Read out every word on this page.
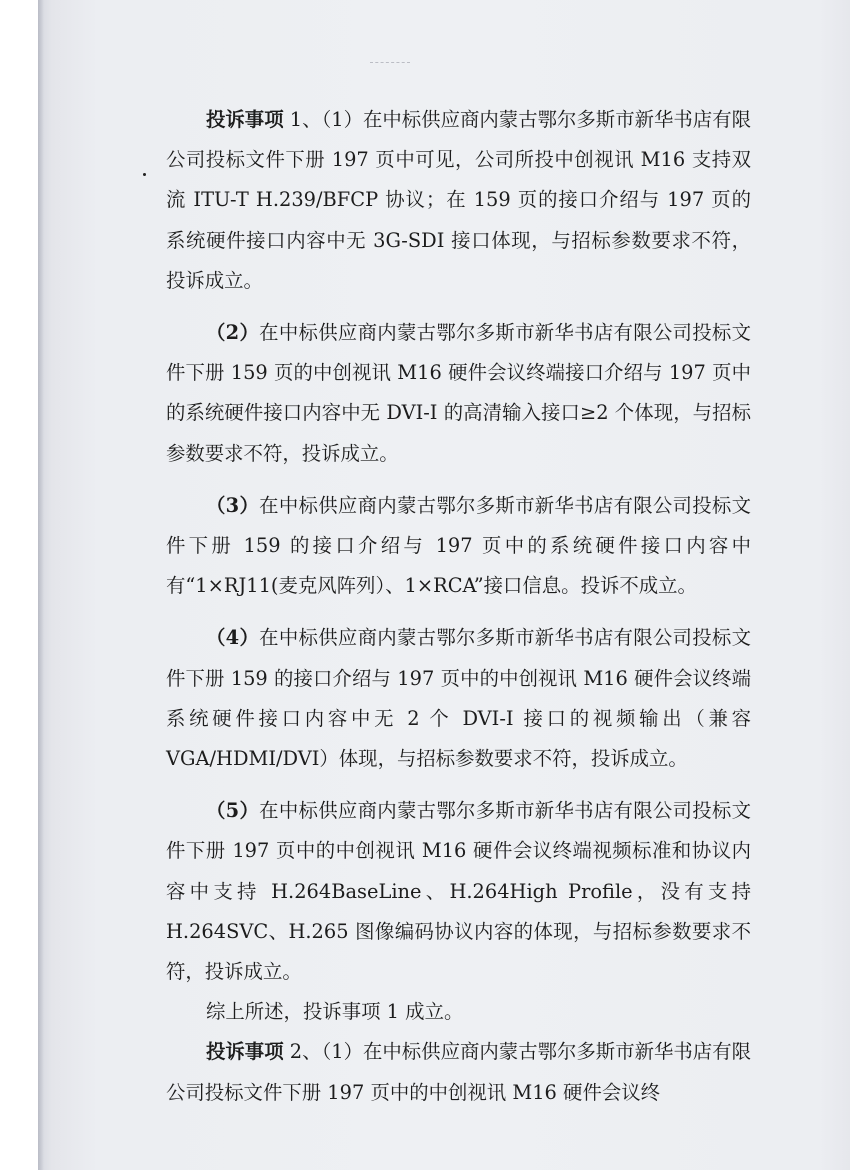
投诉事项 1、（1）在中标供应商内蒙古鄂尔多斯市新华书店有限公司投标文件下册 197 页中可见，公司所投中创视讯 M16 支持双流 ITU-T H.239/BFCP 协议；在 159 页的接口介绍与 197 页的系统硬件接口内容中无 3G-SDI 接口体现，与招标参数要求不符，投诉成立。

（2）在中标供应商内蒙古鄂尔多斯市新华书店有限公司投标文件下册 159 页的中创视讯 M16 硬件会议终端接口介绍与 197 页中的系统硬件接口内容中无 DVI-I 的高清输入接口≥2 个体现，与招标参数要求不符，投诉成立。

（3）在中标供应商内蒙古鄂尔多斯市新华书店有限公司投标文件下册 159 的接口介绍与 197 页中的系统硬件接口内容中有“1×RJ11(麦克风阵列）、1×RCA”接口信息。投诉不成立。

（4）在中标供应商内蒙古鄂尔多斯市新华书店有限公司投标文件下册 159 的接口介绍与 197 页中的中创视讯 M16 硬件会议终端系统硬件接口内容中无 2 个 DVI-I 接口的视频输出（兼容VGA/HDMI/DVI）体现，与招标参数要求不符，投诉成立。

（5）在中标供应商内蒙古鄂尔多斯市新华书店有限公司投标文件下册 197 页中的中创视讯 M16 硬件会议终端视频标准和协议内容中支持 H.264BaseLine、H.264High Profile，没有支持 H.264SVC、H.265 图像编码协议内容的体现，与招标参数要求不符，投诉成立。

综上所述，投诉事项 1 成立。

投诉事项 2、（1）在中标供应商内蒙古鄂尔多斯市新华书店有限公司投标文件下册 197 页中的中创视讯 M16 硬件会议终
